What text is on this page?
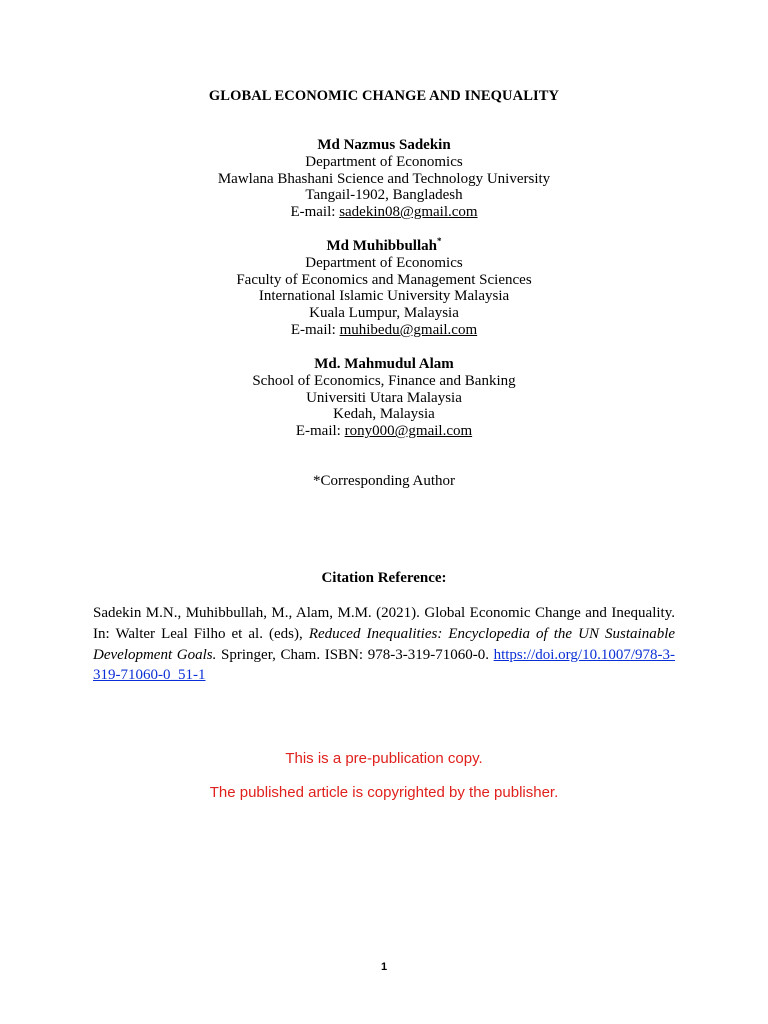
GLOBAL ECONOMIC CHANGE AND INEQUALITY
Md Nazmus Sadekin
Department of Economics
Mawlana Bhashani Science and Technology University
Tangail-1902, Bangladesh
E-mail: sadekin08@gmail.com
Md Muhibbullah*
Department of Economics
Faculty of Economics and Management Sciences
International Islamic University Malaysia
Kuala Lumpur, Malaysia
E-mail: muhibedu@gmail.com
Md. Mahmudul Alam
School of Economics, Finance and Banking
Universiti Utara Malaysia
Kedah, Malaysia
E-mail: rony000@gmail.com
*Corresponding Author
Citation Reference:
Sadekin M.N., Muhibbullah, M., Alam, M.M. (2021). Global Economic Change and Inequality. In: Walter Leal Filho et al. (eds), Reduced Inequalities: Encyclopedia of the UN Sustainable Development Goals. Springer, Cham. ISBN: 978-3-319-71060-0. https://doi.org/10.1007/978-3-319-71060-0_51-1
This is a pre-publication copy.
The published article is copyrighted by the publisher.
1
